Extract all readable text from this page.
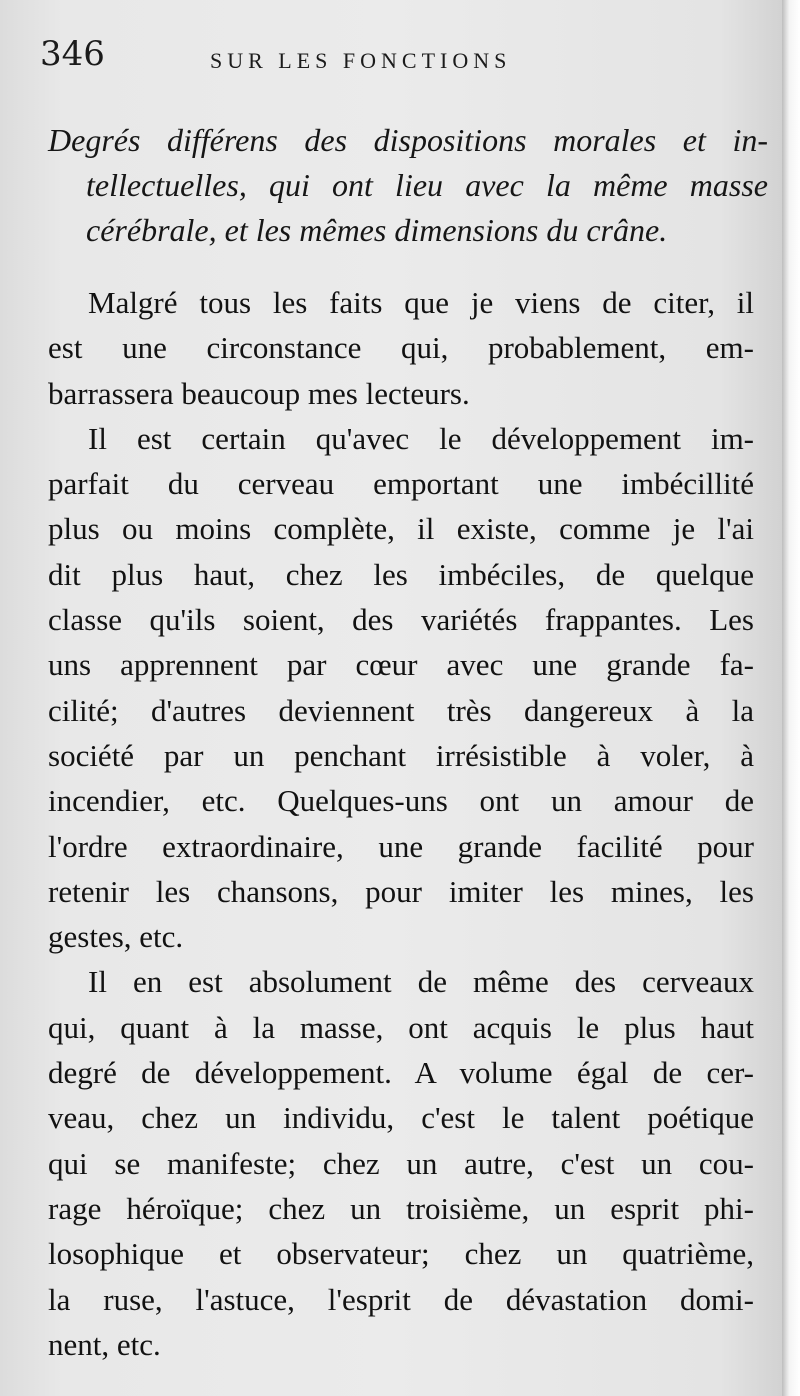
346	SUR LES FONCTIONS
Degrés différens des dispositions morales et in-
tellectuelles, qui ont lieu avec la même masse
cérébrale, et les mêmes dimensions du crâne.
Malgré tous les faits que je viens de citer, il
est une circonstance qui, probablement, em-
barrassera beaucoup mes lecteurs.
Il est certain qu'avec le développement im-
parfait du cerveau emportant une imbécillité
plus ou moins complète, il existe, comme je l'ai
dit plus haut, chez les imbéciles, de quelque
classe qu'ils soient, des variétés frappantes. Les
uns apprennent par cœur avec une grande fa-
cilité; d'autres deviennent très dangereux à la
société par un penchant irrésistible à voler, à
incendier, etc. Quelques-uns ont un amour de
l'ordre extraordinaire, une grande facilité pour
retenir les chansons, pour imiter les mines, les
gestes, etc.
Il en est absolument de même des cerveaux
qui, quant à la masse, ont acquis le plus haut
degré de développement. A volume égal de cer-
veau, chez un individu, c'est le talent poétique
qui se manifeste; chez un autre, c'est un cou-
rage héroïque; chez un troisième, un esprit phi-
losophique et observateur; chez un quatrième,
la ruse, l'astuce, l'esprit de dévastation domi-
nent, etc.
